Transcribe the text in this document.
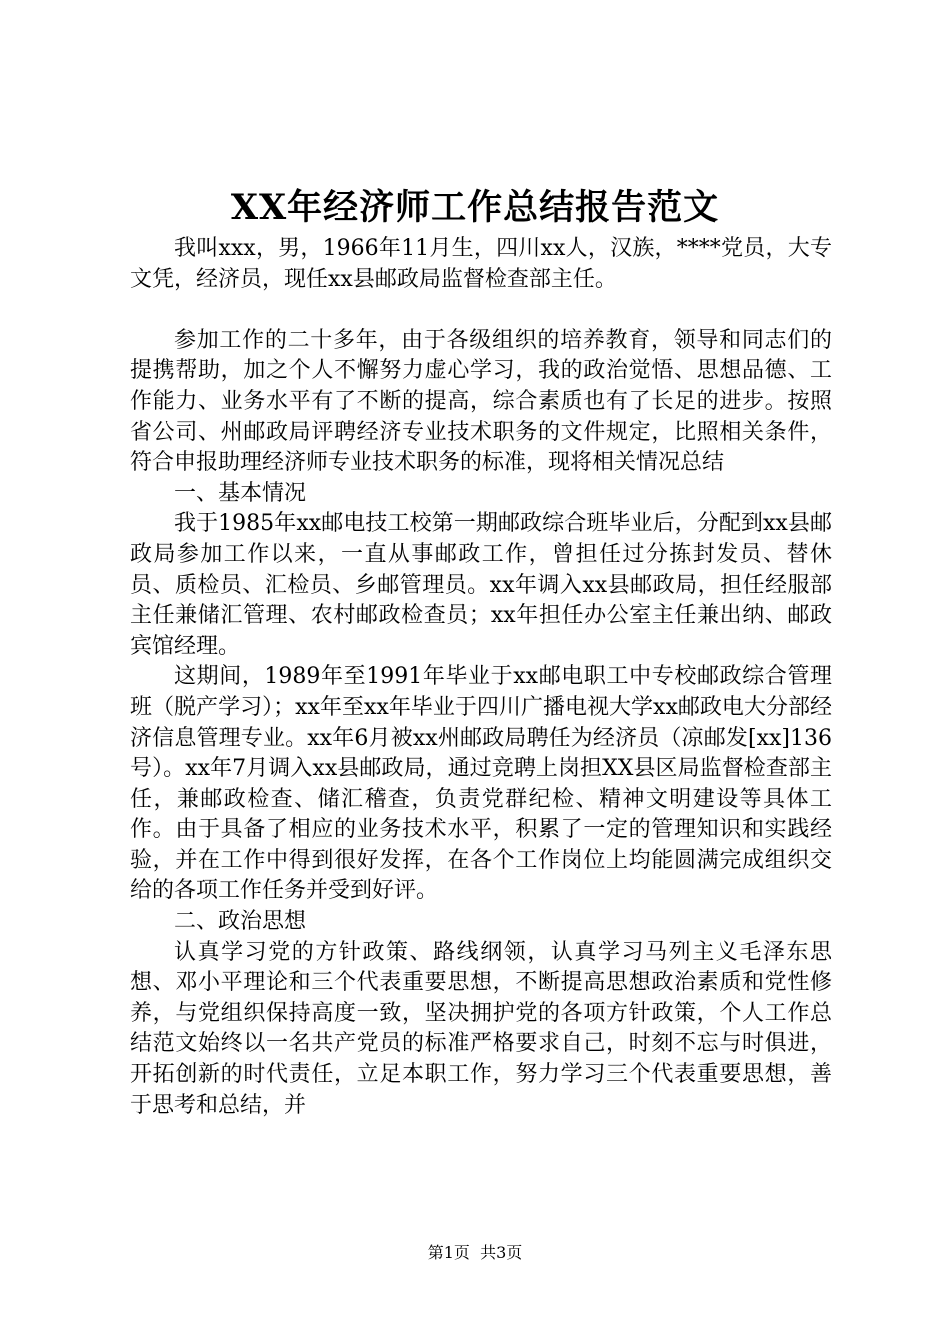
XX年经济师工作总结报告范文

我叫xxx，男，1966年11月生，四川xx人，汉族，****党员，大专文凭，经济员，现任xx县邮政局监督检查部主任。

参加工作的二十多年，由于各级组织的培养教育，领导和同志们的提携帮助，加之个人不懈努力虚心学习，我的政治觉悟、思想品德、工作能力、业务水平有了不断的提高，综合素质也有了长足的进步。按照省公司、州邮政局评聘经济专业技术职务的文件规定，比照相关条件，符合申报助理经济师专业技术职务的标准，现将相关情况总结

一、基本情况

我于1985年xx邮电技工校第一期邮政综合班毕业后，分配到xx县邮政局参加工作以来，一直从事邮政工作，曾担任过分拣封发员、替休员、质检员、汇检员、乡邮管理员。xx年调入xx县邮政局，担任经服部主任兼储汇管理、农村邮政检查员；xx年担任办公室主任兼出纳、邮政宾馆经理。

这期间，1989年至1991年毕业于xx邮电职工中专校邮政综合管理班（脱产学习）；xx年至xx年毕业于四川广播电视大学xx邮政电大分部经济信息管理专业。xx年6月被xx州邮政局聘任为经济员（凉邮发[xx]136号）。xx年7月调入xx县邮政局，通过竞聘上岗担XX县区局监督检查部主任，兼邮政检查、储汇稽查，负责党群纪检、精神文明建设等具体工作。由于具备了相应的业务技术水平，积累了一定的管理知识和实践经验，并在工作中得到很好发挥，在各个工作岗位上均能圆满完成组织交给的各项工作任务并受到好评。

二、政治思想

认真学习党的方针政策、路线纲领，认真学习马列主义毛泽东思想、邓小平理论和三个代表重要思想，不断提高思想政治素质和党性修养，与党组织保持高度一致，坚决拥护党的各项方针政策，个人工作总结范文始终以一名共产党员的标准严格要求自己，时刻不忘与时俱进，开拓创新的时代责任，立足本职工作，努力学习三个代表重要思想，善于思考和总结，并

第1页  共3页
